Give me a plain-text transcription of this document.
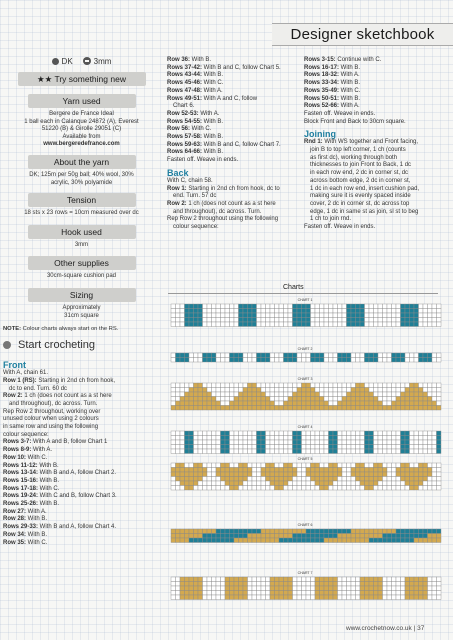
Designer sketchbook
DK	3mm
★★ Try something new
Yarn used
Bergere de France Ideal
1 ball each in Calanque 24872 (A), Everest
51220 (B) & Girolle 29051 (C)
Available from
www.bergeredefrance.com
About the yarn
DK; 125m per 50g ball; 40% wool, 30%
acrylic, 30% polyamide
Tension
18 sts x 23 rows = 10cm measured over dc
Hook used
3mm
Other supplies
30cm-square cushion pad
Sizing
Approximately
31cm square
NOTE: Colour charts always start on the RS.
Start crocheting
Front
With A, chain 61.
Row 1 (RS): Starting in 2nd ch from hook,
dc to end. Turn. 60 dc
Row 2: 1 ch (does not count as a st here
and throughout), dc across. Turn.
Rep Row 2 throughout, working over
unused colour when using 2 colours
in same row and using the following
colour sequence:
Rows 3-7: With A and B, follow Chart 1
Rows 8-9: With A.
Row 10: With C.
Rows 11-12: With B.
Rows 13-14: With B and A, follow Chart 2.
Rows 15-16: With B.
Rows 17-18: With C.
Rows 19-24: With C and B, follow Chart 3.
Rows 25-26: With B.
Row 27: With A.
Row 28: With B.
Rows 29-33: With B and A, follow Chart 4.
Row 34: With B.
Row 35: With C.
Row 36: With B.
Rows 37-42: With B and C, follow Chart 5.
Rows 43-44: With B.
Rows 45-46: With C.
Rows 47-48: With A.
Rows 49-51: With A and C, follow
Chart 6.
Row 52-53: With A.
Rows 54-55: With B.
Row 56: With C.
Rows 57-58: With B.
Rows 59-63: With B and C, follow Chart 7.
Rows 64-66: With B.
Fasten off. Weave in ends.
Back
With C, chain 58.
Row 1: Starting in 2nd ch from hook, dc to
end. Turn. 57 dc
Row 2: 1 ch (does not count as a st here
and throughout), dc across. Turn.
Rep Row 2 throughout using the following
colour sequence:
Rows 3-15: Continue with C.
Rows 16-17: With B.
Rows 18-32: With A.
Rows 33-34: With B.
Rows 35-49: With C.
Rows 50-51: With B.
Rows 52-66: With A.
Fasten off. Weave in ends.
Block Front and Back to 30cm square.
Joining
Rnd 1: With WS together and Front facing,
join B to top left corner, 1 ch (counts
as first dc), working through both
thicknesses to join Front to Back, 1 dc
in each row end, 2 dc in corner st, dc
across bottom edge, 2 dc in corner st,
1 dc in each row end, insert cushion pad,
making sure it is evenly spaced inside
cover, 2 dc in corner st, dc across top
edge, 1 dc in same st as join, sl st to beg
1 ch to join rnd.
Fasten off. Weave in ends.
Charts
CHART 1
CHART 2
CHART 3
CHART 4
CHART 5
CHART 6
CHART 7
www.crochetnow.co.uk | 37
